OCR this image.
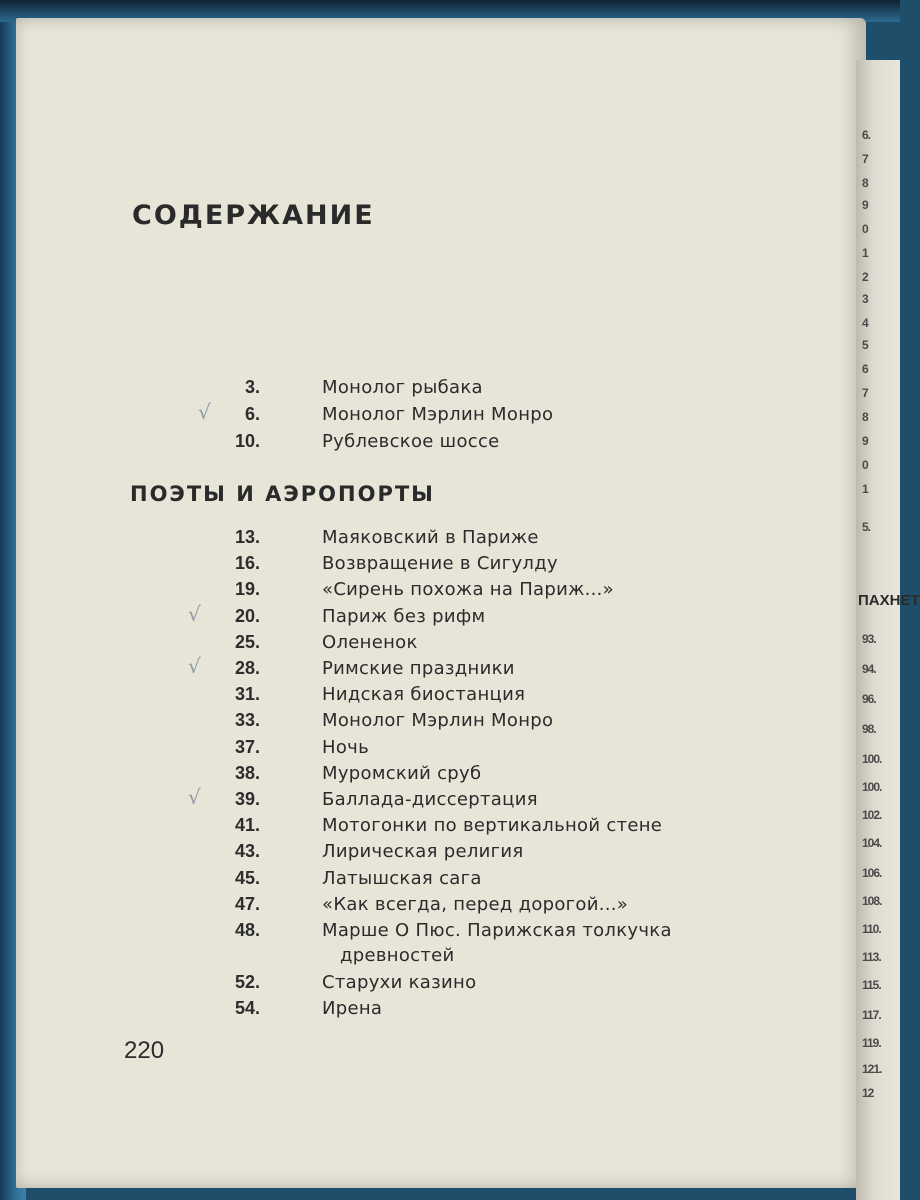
ПАХНЕТ
6.
7
8
9
0
1
2
3
4
5
6
7
8
9
0
1
5.
93.
94.
96.
98.
100.
100.
102.
104.
106.
108.
110.
113.
115.
117.
119.
121.
12
СОДЕРЖАНИЕ
3.	Монолог рыбака
6.	Монолог Мэрлин Монро
√
10.	Рублевское шоссе
ПОЭТЫ И АЭРОПОРТЫ
13.	Маяковский в Париже
16.	Возвращение в Сигулду
19.	«Сирень похожа на Париж...»
20.	Париж без рифм
√
25.	Олененок
28.	Римские праздники
√
31.	Нидская биостанция
33.	Монолог Мэрлин Монро
37.	Ночь
38.	Муромский сруб
39.	Баллада-диссертация
√
41.	Мотогонки по вертикальной стене
43.	Лирическая религия
45.	Латышская сага
47.	«Как всегда, перед дорогой...»
48.	Марше О Пюс. Парижская толкучка
древностей
52.	Старухи казино
54.	Ирена
220
